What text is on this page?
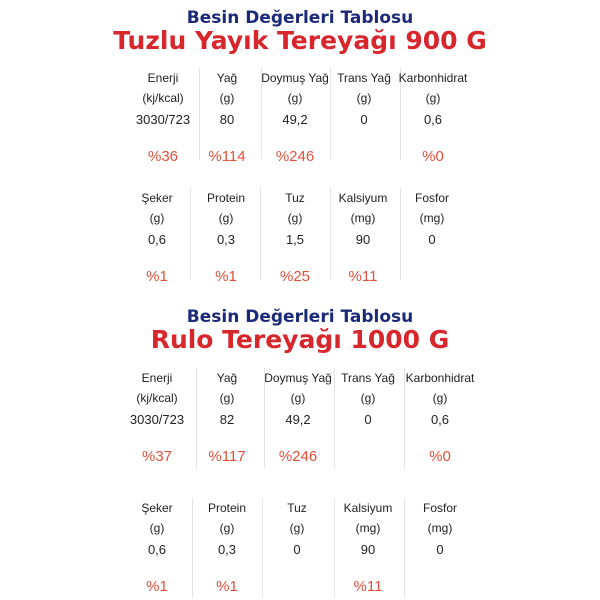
Besin Değerleri Tablosu
Tuzlu Yayık Tereyağı 900 G
Enerji
(kj/kcal)
3030/723
%36
Yağ
(g)
80
%114
Doymuş Yağ
(g)
49,2
%246
Trans Yağ
(g)
0
Karbonhidrat
(g)
0,6
%0
Şeker
(g)
0,6
%1
Protein
(g)
0,3
%1
Tuz
(g)
1,5
%25
Kalsiyum
(mg)
90
%11
Fosfor
(mg)
0
Besin Değerleri Tablosu
Rulo Tereyağı 1000 G
Enerji
(kj/kcal)
3030/723
%37
Yağ
(g)
82
%117
Doymuş Yağ
(g)
49,2
%246
Trans Yağ
(g)
0
Karbonhidrat
(g)
0,6
%0
Şeker
(g)
0,6
%1
Protein
(g)
0,3
%1
Tuz
(g)
0
Kalsiyum
(mg)
90
%11
Fosfor
(mg)
0
